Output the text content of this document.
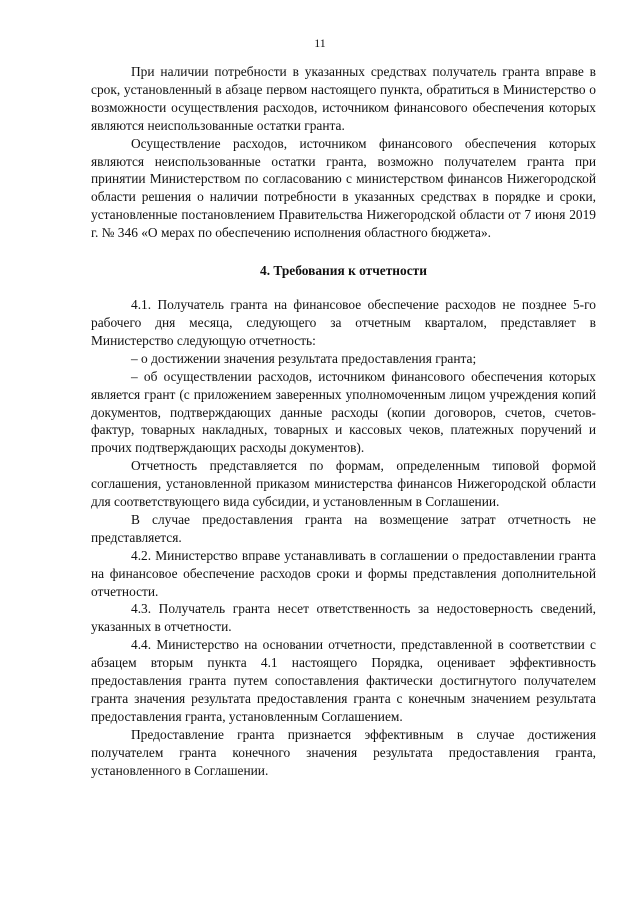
11

При наличии потребности в указанных средствах получатель гранта вправе в срок, установленный в абзаце первом настоящего пункта, обратиться в Министерство о возможности осуществления расходов, источником финансового обеспечения которых являются неиспользованные остатки гранта.

Осуществление расходов, источником финансового обеспечения которых являются неиспользованные остатки гранта, возможно получателем гранта при принятии Министерством по согласованию с министерством финансов Нижегородской области решения о наличии потребности в указанных средствах в порядке и сроки, установленные постановлением Правительства Нижегородской области от 7 июня 2019 г. № 346 «О мерах по обеспечению исполнения областного бюджета».

4. Требования к отчетности

4.1. Получатель гранта на финансовое обеспечение расходов не позднее 5-го рабочего дня месяца, следующего за отчетным кварталом, представляет в Министерство следующую отчетность:

– о достижении значения результата предоставления гранта;

– об осуществлении расходов, источником финансового обеспечения которых является грант (с приложением заверенных уполномоченным лицом учреждения копий документов, подтверждающих данные расходы (копии договоров, счетов, счетов-фактур, товарных накладных, товарных и кассовых чеков, платежных поручений и прочих подтверждающих расходы документов).

Отчетность представляется по формам, определенным типовой формой соглашения, установленной приказом министерства финансов Нижегородской области для соответствующего вида субсидии, и установленным в Соглашении.

В случае предоставления гранта на возмещение затрат отчетность не представляется.

4.2. Министерство вправе устанавливать в соглашении о предоставлении гранта на финансовое обеспечение расходов сроки и формы представления дополнительной отчетности.

4.3. Получатель гранта несет ответственность за недостоверность сведений, указанных в отчетности.

4.4. Министерство на основании отчетности, представленной в соответствии с абзацем вторым пункта 4.1 настоящего Порядка, оценивает эффективность предоставления гранта путем сопоставления фактически достигнутого получателем гранта значения результата предоставления гранта с конечным значением результата предоставления гранта, установленным Соглашением.

Предоставление гранта признается эффективным в случае достижения получателем гранта конечного значения результата предоставления гранта, установленного в Соглашении.
